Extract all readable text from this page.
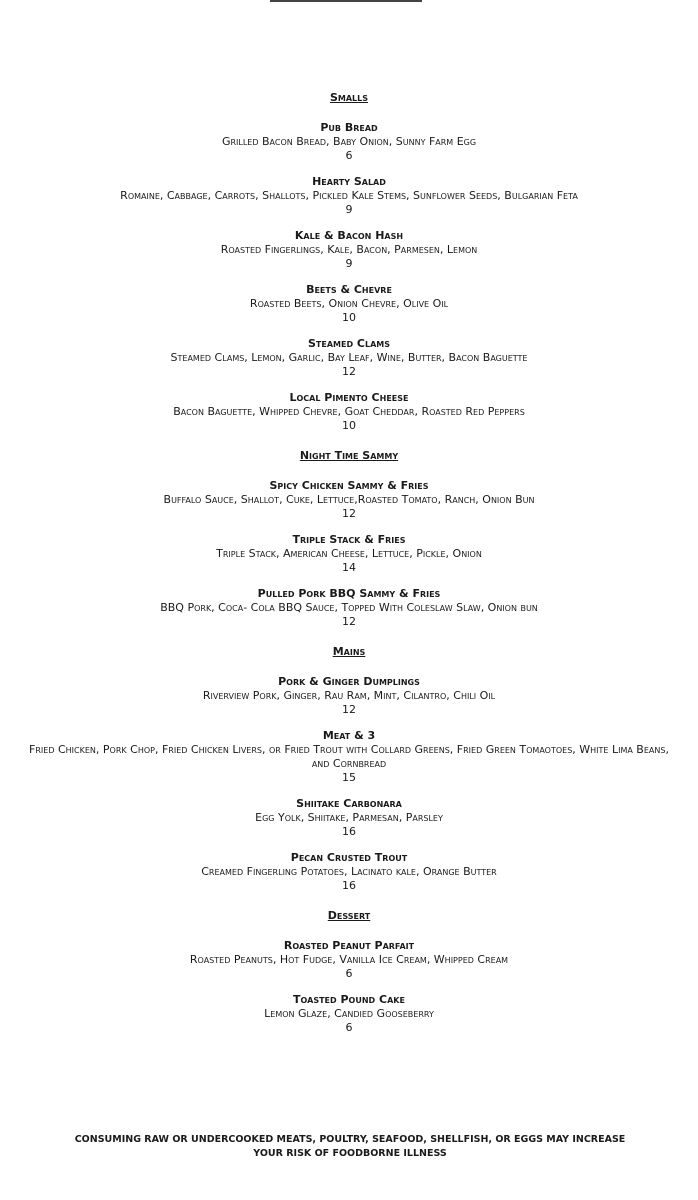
Smalls
Pub Bread
Grilled Bacon Bread, Baby Onion, Sunny Farm Egg
6
Hearty Salad
Romaine, Cabbage, Carrots, Shallots, Pickled Kale Stems, Sunflower Seeds, Bulgarian Feta
9
Kale & Bacon Hash
Roasted Fingerlings, Kale, Bacon, Parmesen, Lemon
9
Beets & Chevre
Roasted Beets, Onion Chevre, Olive Oil
10
Steamed Clams
Steamed Clams, Lemon, Garlic, Bay Leaf, Wine, Butter, Bacon Baguette
12
Local Pimento Cheese
Bacon Baguette, Whipped Chevre, Goat Cheddar, Roasted Red Peppers
10
Night Time Sammy
Spicy Chicken Sammy & Fries
Buffalo Sauce, Shallot, Cuke, Lettuce,Roasted Tomato, Ranch, Onion Bun
12
Triple Stack & Fries
Triple Stack, American Cheese, Lettuce, Pickle, Onion
14
Pulled Pork BBQ Sammy & Fries
BBQ Pork, Coca- Cola BBQ Sauce, Topped With Coleslaw Slaw, Onion bun
12
Mains
Pork & Ginger Dumplings
Riverview Pork, Ginger, Rau Ram, Mint, Cilantro, Chili Oil
12
Meat & 3
Fried Chicken, Pork Chop, Fried Chicken Livers, or Fried Trout with Collard Greens, Fried Green Tomaotoes, White Lima Beans, and Cornbread
15
Shiitake Carbonara
Egg Yolk, Shiitake, Parmesan, Parsley
16
Pecan Crusted Trout
Creamed Fingerling Potatoes, Lacinato kale, Orange Butter
16
Dessert
Roasted Peanut Parfait
Roasted Peanuts, Hot Fudge, Vanilla Ice Cream, Whipped Cream
6
Toasted Pound Cake
Lemon Glaze, Candied Gooseberry
6
CONSUMING RAW OR UNDERCOOKED MEATS, POULTRY, SEAFOOD, SHELLFISH, OR EGGS MAY INCREASE YOUR RISK OF FOODBORNE ILLNESS
